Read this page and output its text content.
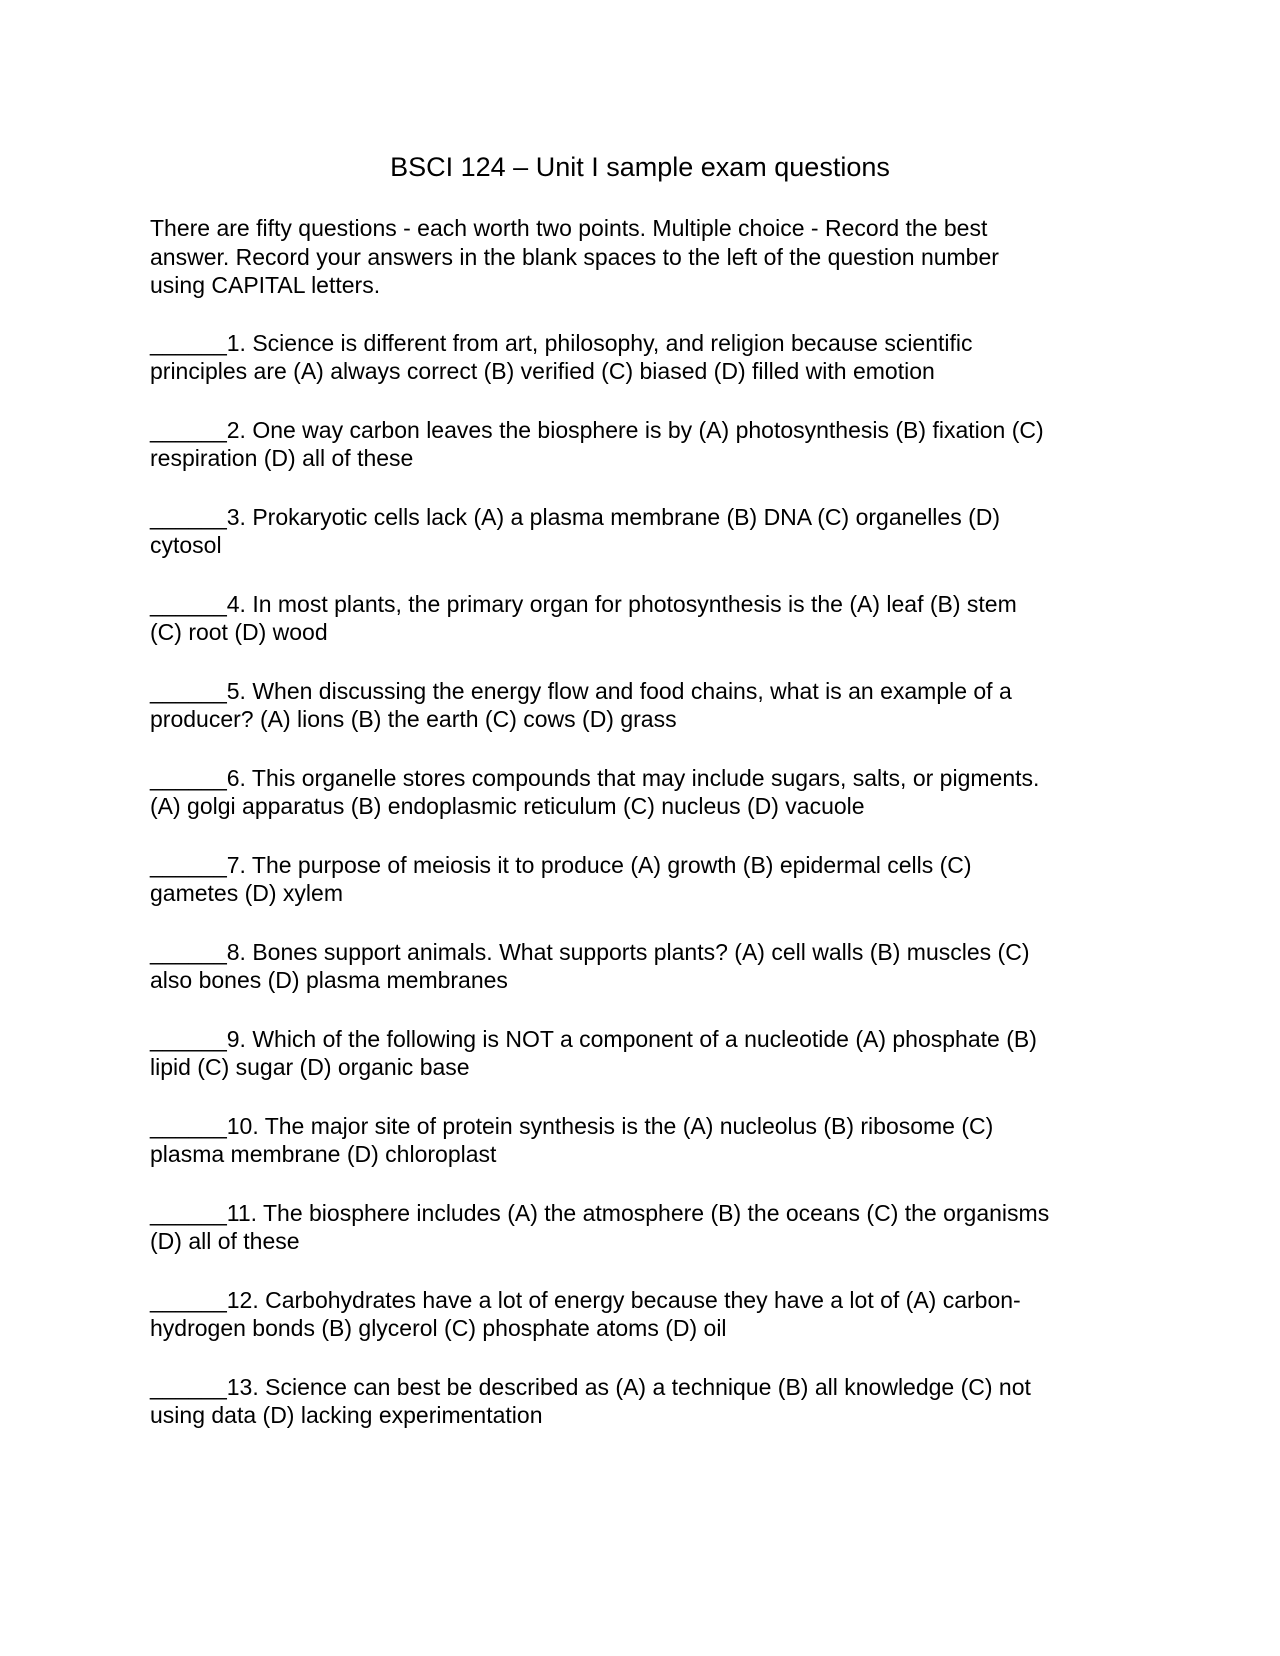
BSCI 124 – Unit I sample exam questions
There are fifty questions - each worth two points. Multiple choice - Record the best
answer. Record your answers in the blank spaces to the left of the question number
using CAPITAL letters.
______1. Science is different from art, philosophy, and religion because scientific
principles are (A) always correct (B) verified (C) biased (D) filled with emotion
______2. One way carbon leaves the biosphere is by (A) photosynthesis (B) fixation (C)
respiration (D) all of these
______3. Prokaryotic cells lack (A) a plasma membrane (B) DNA (C) organelles (D)
cytosol
______4. In most plants, the primary organ for photosynthesis is the (A) leaf (B) stem
(C) root (D) wood
______5. When discussing the energy flow and food chains, what is an example of a
producer? (A) lions (B) the earth (C) cows (D) grass
______6. This organelle stores compounds that may include sugars, salts, or pigments.
(A) golgi apparatus (B) endoplasmic reticulum (C) nucleus (D) vacuole
______7. The purpose of meiosis it to produce (A) growth (B) epidermal cells (C)
gametes (D) xylem
______8. Bones support animals. What supports plants? (A) cell walls (B) muscles (C)
also bones (D) plasma membranes
______9. Which of the following is NOT a component of a nucleotide (A) phosphate (B)
lipid (C) sugar (D) organic base
______10. The major site of protein synthesis is the (A) nucleolus (B) ribosome (C)
plasma membrane (D) chloroplast
______11. The biosphere includes (A) the atmosphere (B) the oceans (C) the organisms
(D) all of these
______12. Carbohydrates have a lot of energy because they have a lot of (A) carbon-
hydrogen bonds (B) glycerol (C) phosphate atoms (D) oil
______13. Science can best be described as (A) a technique (B) all knowledge (C) not
using data (D) lacking experimentation
